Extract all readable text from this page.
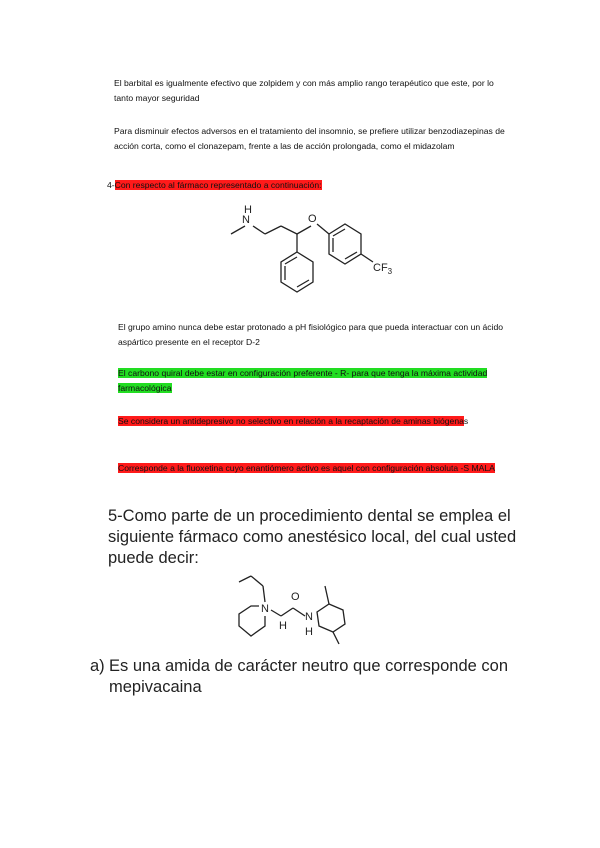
El barbital es igualmente efectivo que zolpidem y con más amplio rango terapéutico que este, por lo tanto mayor seguridad
Para disminuir efectos adversos en el tratamiento del insomnio, se prefiere utilizar benzodiazepinas de acción corta, como el clonazepam, frente a las de acción prolongada, como el midazolam
4-Con respecto al fármaco representado a continuación:
N
H
O
$CF_3$
El grupo amino nunca debe estar protonado a pH fisiológico para que pueda interactuar con un ácido aspártico presente en el receptor D-2
El carbono quiral debe estar en configuración preferente - R- para que tenga la máxima actividad farmacológica
Se considera un antidepresivo no selectivo en relación a la recaptación de aminas biógenas
Corresponde a la fluoxetina cuyo enantiómero activo es aquel con configuración absoluta -S MALA
5-Como parte de un procedimiento dental se emplea el siguiente fármaco como anestésico local, del cual usted puede decir:
N
O
H
N
H
a) Es una amida de carácter neutro que corresponde con mepivacaina
